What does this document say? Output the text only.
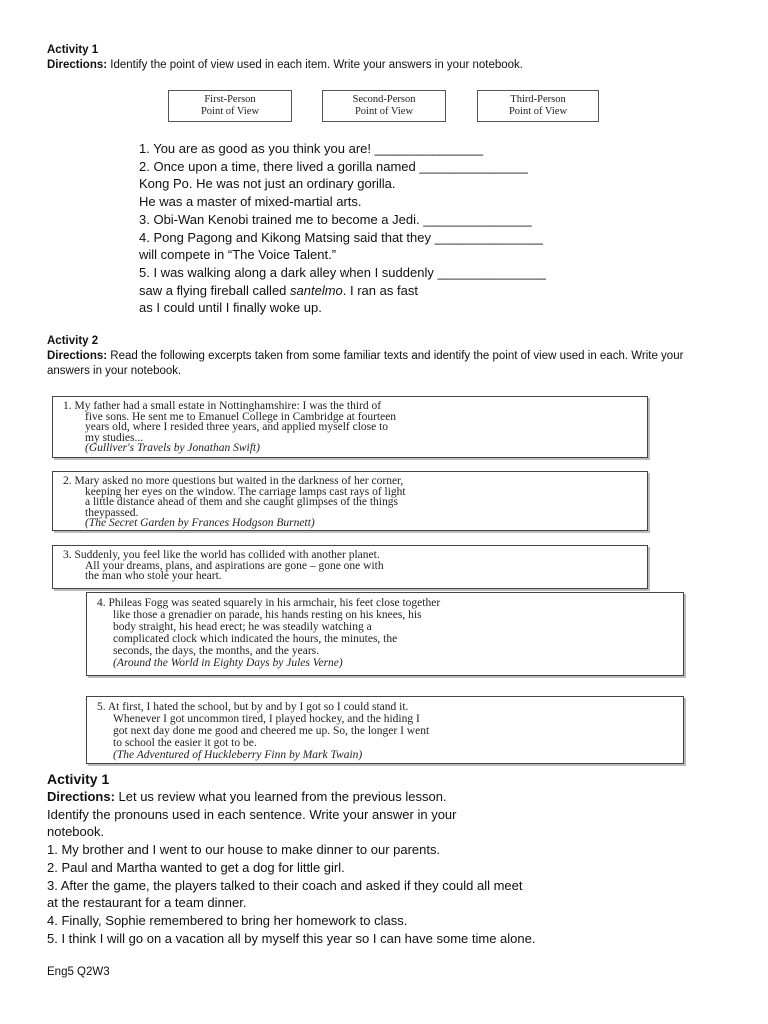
Activity 1
Directions: Identify the point of view used in each item. Write your answers in your notebook.
First-Person
Point of View
Second-Person
Point of View
Third-Person
Point of View

1. You are as good as you think you are! _______________

2. Once upon a time, there lived a gorilla named _______________

Kong Po. He was not just an ordinary gorilla.

He was a master of mixed-martial arts.

3. Obi-Wan Kenobi trained me to become a Jedi. _______________

4. Pong Pagong and Kikong Matsing said that they _______________

will compete in “The Voice Talent.”

5. I was walking along a dark alley when I suddenly _______________

saw a flying fireball called santelmo. I ran as fast

as I could until I finally woke up.

Activity 2
Directions: Read the following excerpts taken from some familiar texts and identify the point of view used in each. Write your
answers in your notebook.
1. My father had a small estate in Nottinghamshire: I was the third of
five sons. He sent me to Emanuel College in Cambridge at fourteen
years old, where I resided three years, and applied myself close to
my studies...
(Gulliver's Travels by Jonathan Swift)
2. Mary asked no more questions but waited in the darkness of her corner,
keeping her eyes on the window. The carriage lamps cast rays of light
a little distance ahead of them and she caught glimpses of the things
theypassed.
(The Secret Garden by Frances Hodgson Burnett)
3. Suddenly, you feel like the world has collided with another planet.
All your dreams, plans, and aspirations are gone – gone one with
the man who stole your heart.
4. Phileas Fogg was seated squarely in his armchair, his feet close together
like those a grenadier on parade, his hands resting on his knees, his
body straight, his head erect; he was steadily watching a
complicated clock which indicated the hours, the minutes, the
seconds, the days, the months, and the years.
(Around the World in Eighty Days by Jules Verne)
5. At first, I hated the school, but by and by I got so I could stand it.
Whenever I got uncommon tired, I played hockey, and the hiding I
got next day done me good and cheered me up. So, the longer I went
to school the easier it got to be.
(The Adventured of Huckleberry Finn by Mark Twain)

Activity 1

Directions: Let us review what you learned from the previous lesson.

Identify the pronouns used in each sentence. Write your answer in your

notebook.

1. My brother and I went to our house to make dinner to our parents.

2. Paul and Martha wanted to get a dog for little girl.

3. After the game, the players talked to their coach and asked if they could all meet

at the restaurant for a team dinner.

4. Finally, Sophie remembered to bring her homework to class.

5. I think I will go on a vacation all by myself this year so I can have some time alone.

Eng5 Q2W3
